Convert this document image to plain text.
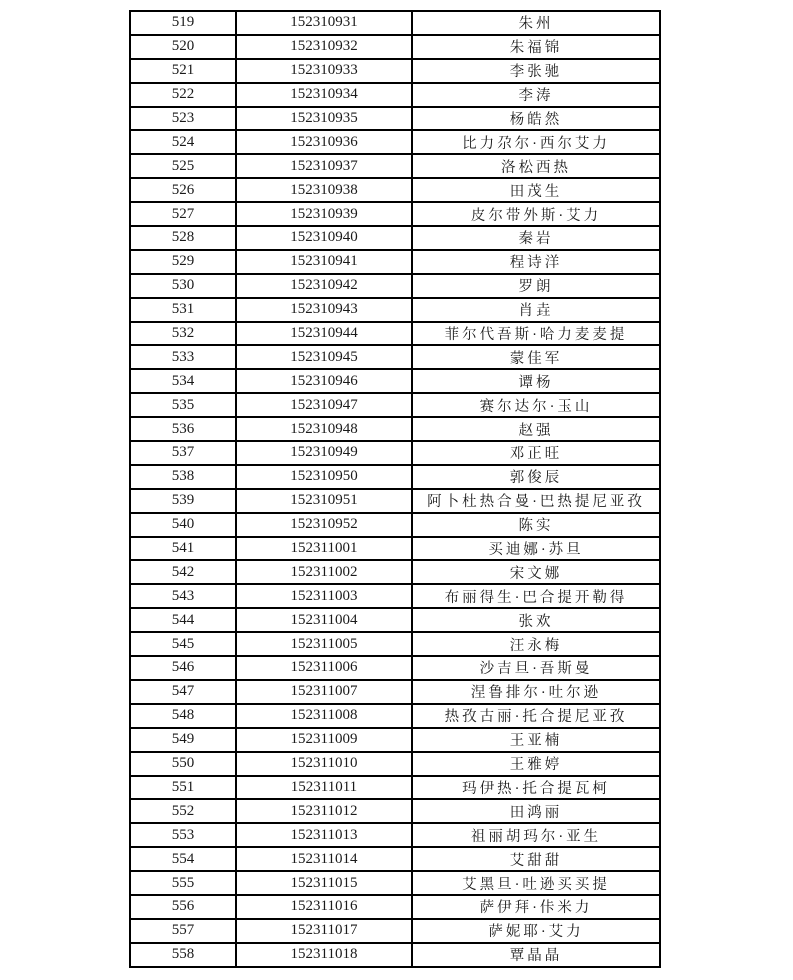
519	152310931	朱州
520	152310932	朱福锦
521	152310933	李张驰
522	152310934	李涛
523	152310935	杨皓然
524	152310936	比力尕尔·西尔艾力
525	152310937	洛松西热
526	152310938	田茂生
527	152310939	皮尔带外斯·艾力
528	152310940	秦岩
529	152310941	程诗洋
530	152310942	罗朗
531	152310943	肖垚
532	152310944	菲尔代吾斯·哈力麦麦提
533	152310945	蒙佳军
534	152310946	谭杨
535	152310947	赛尔达尔·玉山
536	152310948	赵强
537	152310949	邓正旺
538	152310950	郭俊辰
539	152310951	阿卜杜热合曼·巴热提尼亚孜
540	152310952	陈实
541	152311001	买迪娜·苏旦
542	152311002	宋文娜
543	152311003	布丽得生·巴合提开勒得
544	152311004	张欢
545	152311005	汪永梅
546	152311006	沙吉旦·吾斯曼
547	152311007	涅鲁排尔·吐尔逊
548	152311008	热孜古丽·托合提尼亚孜
549	152311009	王亚楠
550	152311010	王雅婷
551	152311011	玛伊热·托合提瓦柯
552	152311012	田鸿丽
553	152311013	祖丽胡玛尔·亚生
554	152311014	艾甜甜
555	152311015	艾黑旦·吐逊买买提
556	152311016	萨伊拜·佧米力
557	152311017	萨妮耶·艾力
558	152311018	覃晶晶
